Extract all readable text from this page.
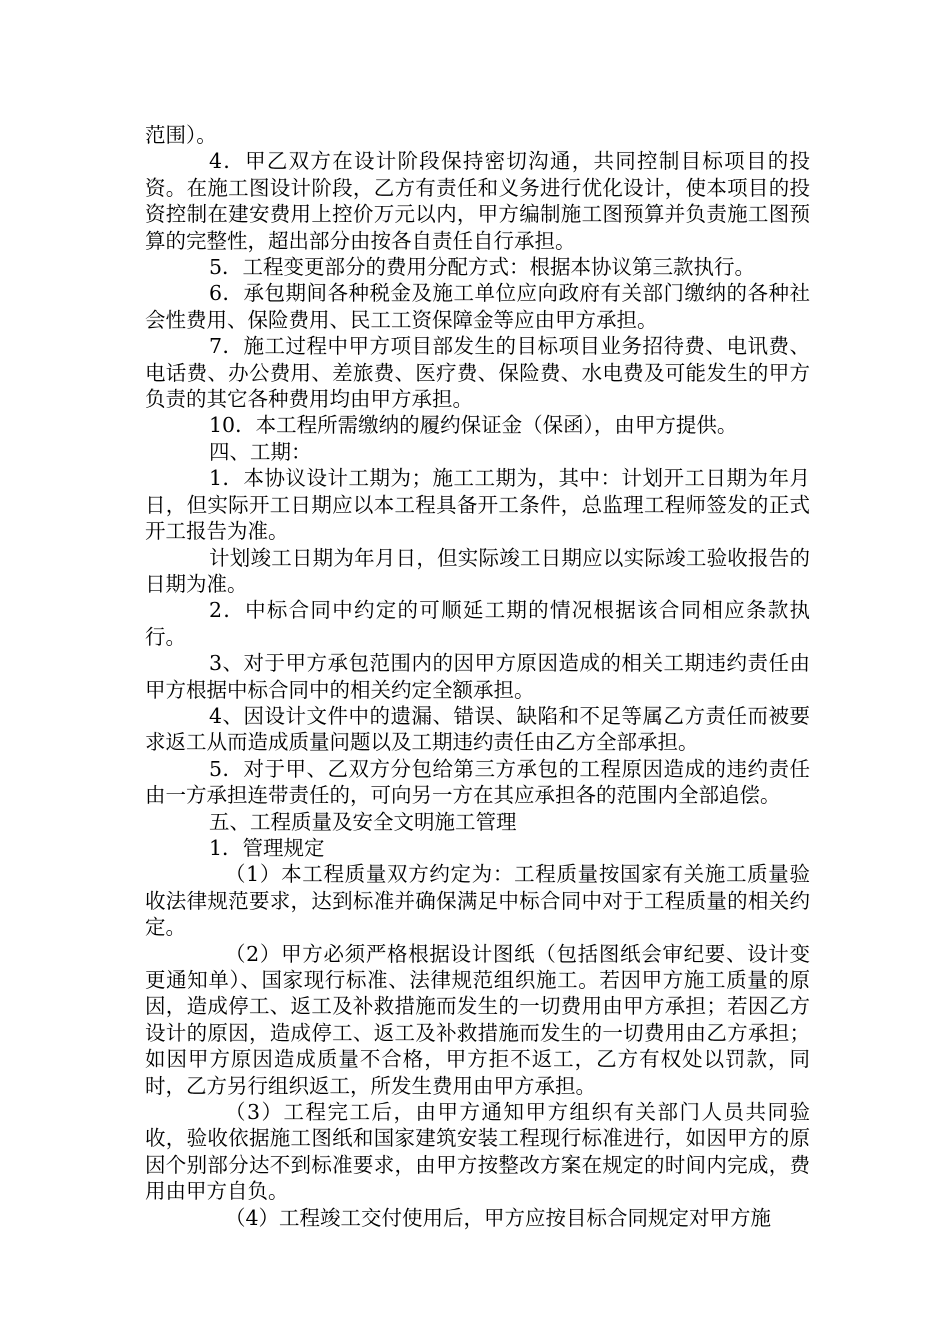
范围）。

4．甲乙双方在设计阶段保持密切沟通，共同控制目标项目的投资。在施工图设计阶段，乙方有责任和义务进行优化设计，使本项目的投资控制在建安费用上控价万元以内，甲方编制施工图预算并负责施工图预算的完整性，超出部分由按各自责任自行承担。

5．工程变更部分的费用分配方式：根据本协议第三款执行。

6．承包期间各种税金及施工单位应向政府有关部门缴纳的各种社会性费用、保险费用、民工工资保障金等应由甲方承担。

7．施工过程中甲方项目部发生的目标项目业务招待费、电讯费、电话费、办公费用、差旅费、医疗费、保险费、水电费及可能发生的甲方负责的其它各种费用均由甲方承担。

10．本工程所需缴纳的履约保证金（保函），由甲方提供。

四、工期：

1．本协议设计工期为；施工工期为，其中：计划开工日期为年月日，但实际开工日期应以本工程具备开工条件，总监理工程师签发的正式开工报告为准。

计划竣工日期为年月日，但实际竣工日期应以实际竣工验收报告的日期为准。

2．中标合同中约定的可顺延工期的情况根据该合同相应条款执行。

3、对于甲方承包范围内的因甲方原因造成的相关工期违约责任由甲方根据中标合同中的相关约定全额承担。

4、因设计文件中的遗漏、错误、缺陷和不足等属乙方责任而被要求返工从而造成质量问题以及工期违约责任由乙方全部承担。

5．对于甲、乙双方分包给第三方承包的工程原因造成的违约责任由一方承担连带责任的，可向另一方在其应承担各的范围内全部追偿。

五、工程质量及安全文明施工管理

1．管理规定

（1）本工程质量双方约定为：工程质量按国家有关施工质量验收法律规范要求，达到标准并确保满足中标合同中对于工程质量的相关约定。

（2）甲方必须严格根据设计图纸（包括图纸会审纪要、设计变更通知单）、国家现行标准、法律规范组织施工。若因甲方施工质量的原因，造成停工、返工及补救措施而发生的一切费用由甲方承担；若因乙方设计的原因，造成停工、返工及补救措施而发生的一切费用由乙方承担；如因甲方原因造成质量不合格，甲方拒不返工，乙方有权处以罚款，同时，乙方另行组织返工，所发生费用由甲方承担。

（3）工程完工后，由甲方通知甲方组织有关部门人员共同验收，验收依据施工图纸和国家建筑安装工程现行标准进行，如因甲方的原因个别部分达不到标准要求，由甲方按整改方案在规定的时间内完成，费用由甲方自负。

（4）工程竣工交付使用后，甲方应按目标合同规定对甲方施
